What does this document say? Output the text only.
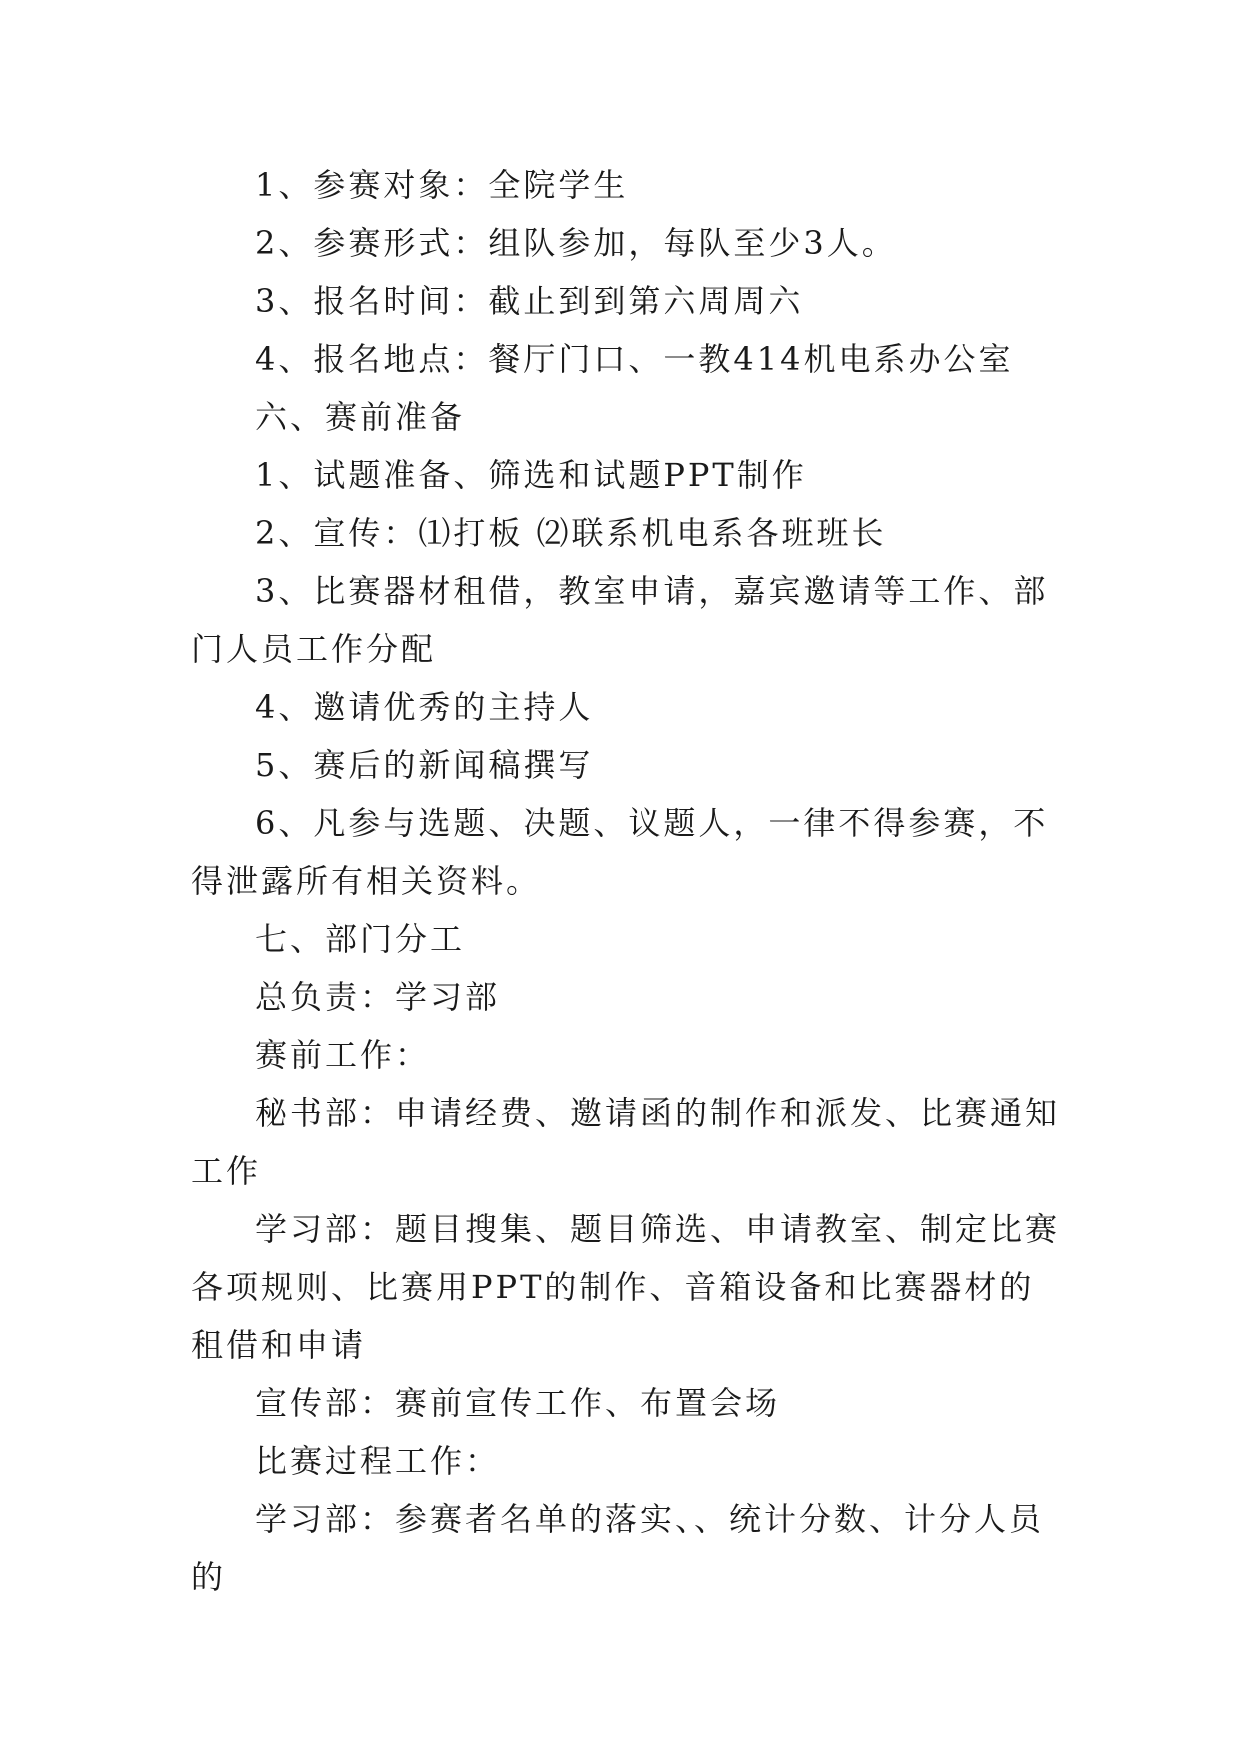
1、参赛对象：全院学生

2、参赛形式：组队参加，每队至少3人。

3、报名时间：截止到到第六周周六

4、报名地点：餐厅门口、一教414机电系办公室

六、赛前准备

1、试题准备、筛选和试题PPT制作

2、宣传：⑴打板 ⑵联系机电系各班班长

3、比赛器材租借，教室申请，嘉宾邀请等工作、部门人员工作分配

4、邀请优秀的主持人

5、赛后的新闻稿撰写

6、凡参与选题、决题、议题人，一律不得参赛，不得泄露所有相关资料。

七、部门分工

总负责：学习部

赛前工作：

秘书部：申请经费、邀请函的制作和派发、比赛通知工作

学习部：题目搜集、题目筛选、申请教室、制定比赛各项规则、比赛用PPT的制作、音箱设备和比赛器材的租借和申请

宣传部：赛前宣传工作、布置会场

比赛过程工作：

学习部：参赛者名单的落实、、统计分数、计分人员的
